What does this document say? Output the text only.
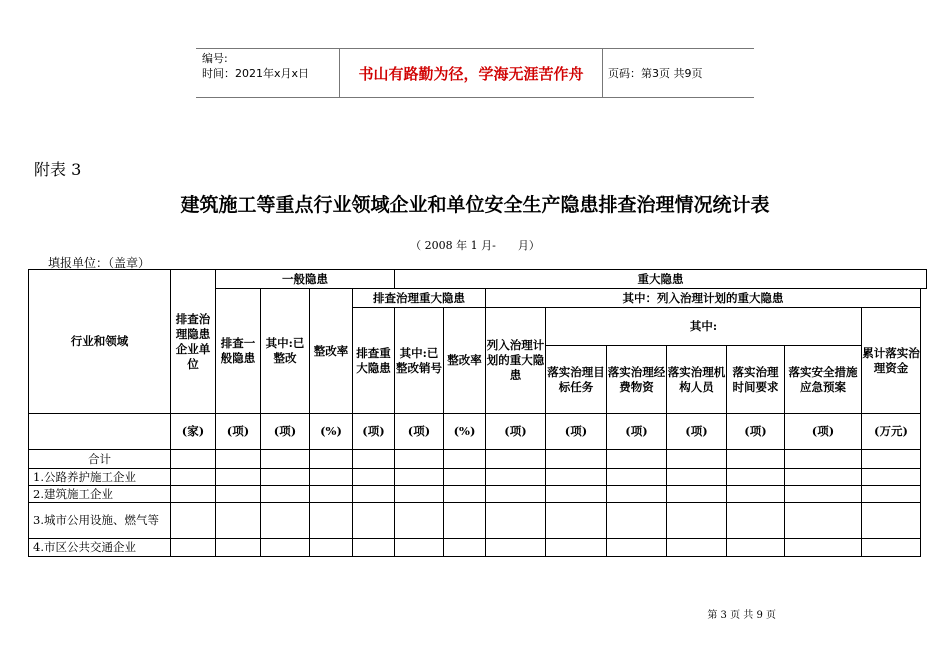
编号:
时间：2021年x月x日	书山有路勤为径，学海无涯苦作舟	页码：第3页 共9页
附表 3
建筑施工等重点行业领域企业和单位安全生产隐患排查治理情况统计表
（ 2008 年 1 月-　　月）
填报单位：（盖章）
行业和领域	排查治理隐患企业单位	一般隐患				重大隐患								
		排查一般隐患	其中:已整改	整改率	排查治理重大隐患			其中：列入治理计划的重大隐患						
					排查重大隐患	其中:已整改销号	整改率	列入治理计划的重大隐患	其中:					累计落实治理资金
									落实治理目标任务	落实治理经费物资	落实治理机构人员	落实治理时间要求	落实安全措施应急预案	
	(家)	(项)	(项)	(%)	(项)	(项)	(%)	(项)	(项)	(项)	(项)	(项)	(项)	(万元)
合计														
1.公路养护施工企业														
2.建筑施工企业														
3.城市公用设施、燃气等														
4.市区公共交通企业														
第 3 页 共 9 页
